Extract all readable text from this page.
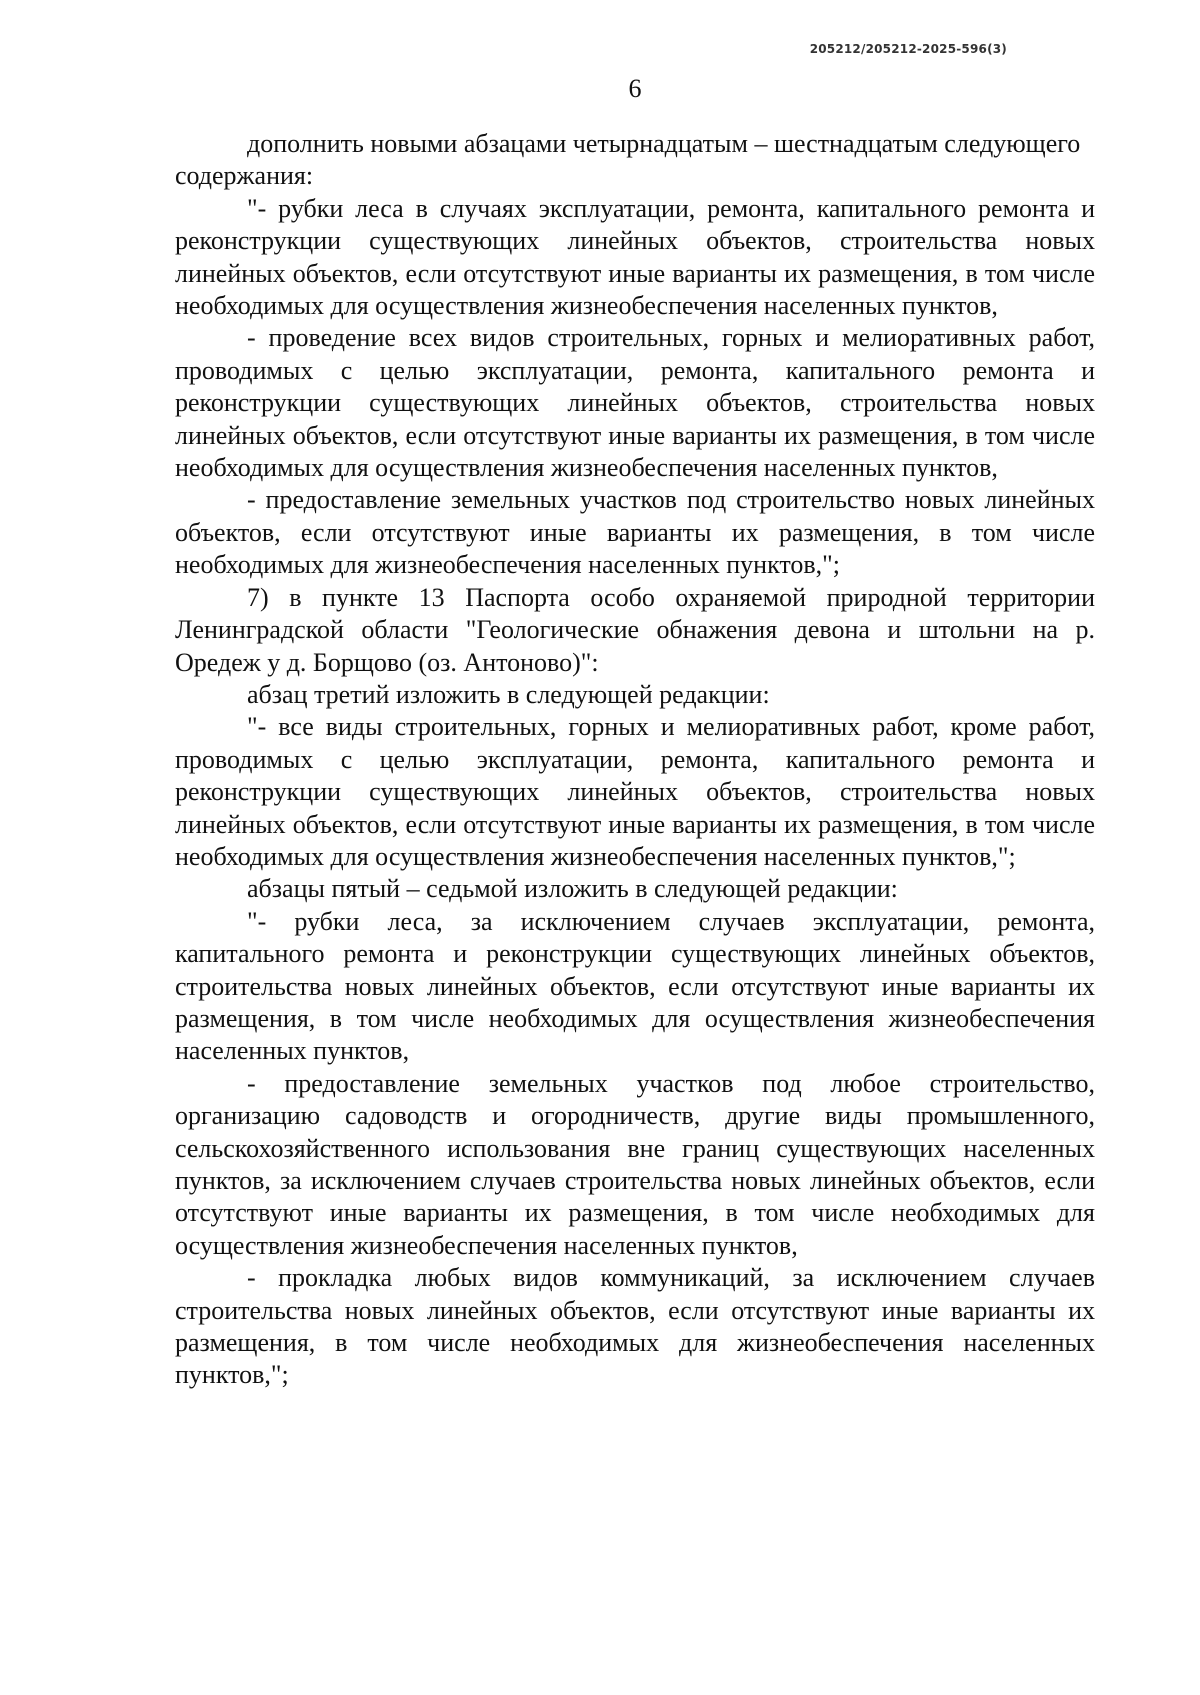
205212/205212-2025-596(3)
6

дополнить новыми абзацами четырнадцатым – шестнадцатым следующего содержания:

"- рубки леса в случаях эксплуатации, ремонта, капитального ремонта и реконструкции существующих линейных объектов, строительства новых линейных объектов, если отсутствуют иные варианты их размещения, в том числе необходимых для осуществления жизнеобеспечения населенных пунктов,

- проведение всех видов строительных, горных и мелиоративных работ, проводимых с целью эксплуатации, ремонта, капитального ремонта и реконструкции существующих линейных объектов, строительства новых линейных объектов, если отсутствуют иные варианты их размещения, в том числе необходимых для осуществления жизнеобеспечения населенных пунктов,

- предоставление земельных участков под строительство новых линейных объектов, если отсутствуют иные варианты их размещения, в том числе необходимых для жизнеобеспечения населенных пунктов,";

7) в пункте 13 Паспорта особо охраняемой природной территории Ленинградской области "Геологические обнажения девона и штольни на р. Оредеж у д. Борщово (оз. Антоново)":

абзац третий изложить в следующей редакции:

"- все виды строительных, горных и мелиоративных работ, кроме работ, проводимых с целью эксплуатации, ремонта, капитального ремонта и реконструкции существующих линейных объектов, строительства новых линейных объектов, если отсутствуют иные варианты их размещения, в том числе необходимых для осуществления жизнеобеспечения населенных пунктов,";

абзацы пятый – седьмой изложить в следующей редакции:

"- рубки леса, за исключением случаев эксплуатации, ремонта, капитального ремонта и реконструкции существующих линейных объектов, строительства новых линейных объектов, если отсутствуют иные варианты их размещения, в том числе необходимых для осуществления жизнеобеспечения населенных пунктов,

- предоставление земельных участков под любое строительство, организацию садоводств и огородничеств, другие виды промышленного, сельскохозяйственного использования вне границ существующих населенных пунктов, за исключением случаев строительства новых линейных объектов, если отсутствуют иные варианты их размещения, в том числе необходимых для осуществления жизнеобеспечения населенных пунктов,

- прокладка любых видов коммуникаций, за исключением случаев строительства новых линейных объектов, если отсутствуют иные варианты их размещения, в том числе необходимых для жизнеобеспечения населенных пунктов,";
